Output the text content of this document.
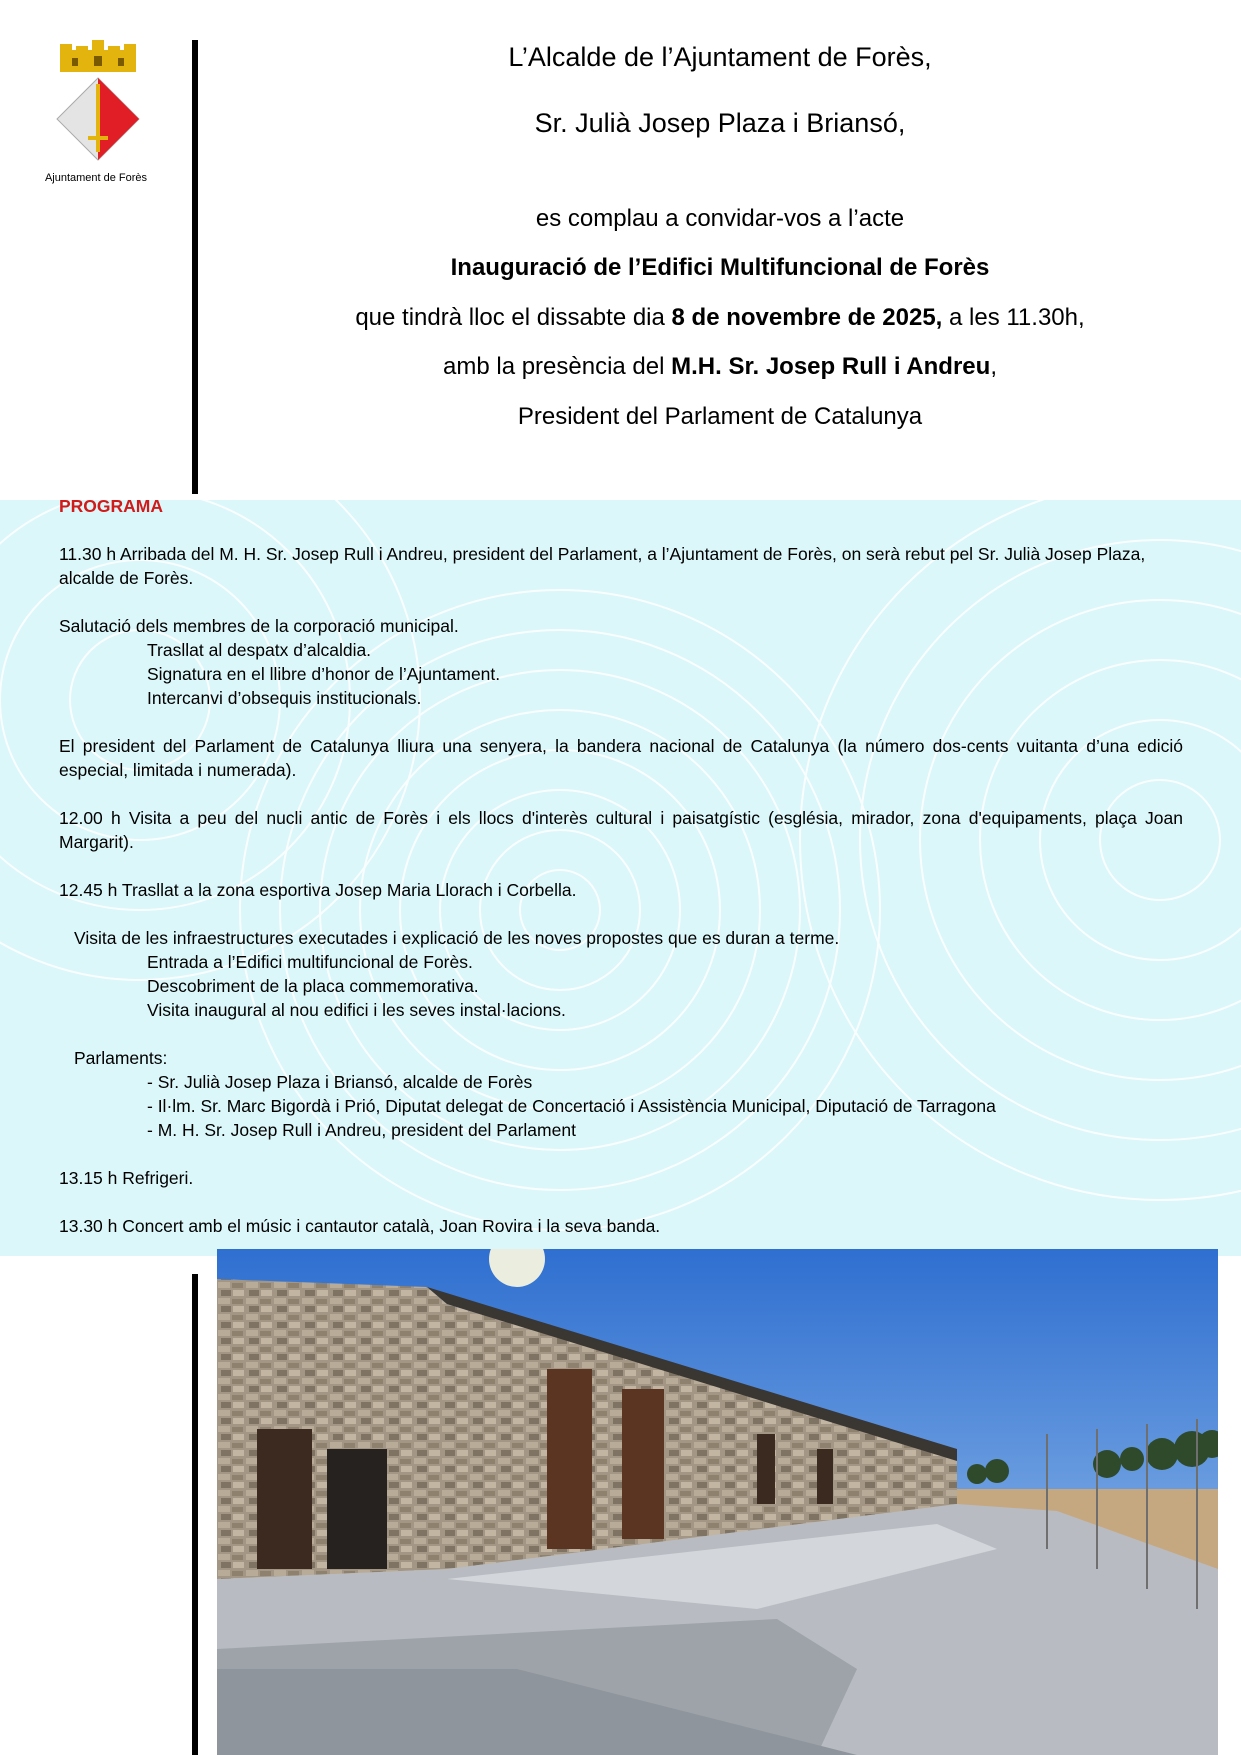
Ajuntament de Forès
L’Alcalde de l’Ajuntament de Forès,
Sr. Julià Josep Plaza i Briansó,
es complau a convidar-vos a l’acte
Inauguració de l’Edifici Multifuncional de Forès
que tindrà lloc el dissabte dia 8 de novembre de 2025, a les 11.30h,
amb la presència del M.H. Sr. Josep Rull i Andreu,
President del Parlament de Catalunya
PROGRAMA
11.30 h Arribada del M. H. Sr. Josep Rull i Andreu, president del Parlament, a l’Ajuntament de Forès, on serà rebut pel Sr. Julià Josep Plaza, alcalde de Forès.
Salutació dels membres de la corporació municipal.
Trasllat al despatx d’alcaldia.
Signatura en el llibre d’honor de l’Ajuntament.
Intercanvi d’obsequis institucionals.
El president del Parlament de Catalunya lliura una senyera, la bandera nacional de Catalunya (la número dos-cents vuitanta d’una edició especial, limitada i numerada).
12.00 h Visita a peu del nucli antic de Forès i els llocs d'interès cultural i paisatgístic (església, mirador, zona d'equipaments, plaça Joan Margarit).
12.45 h Trasllat a la zona esportiva Josep Maria Llorach i Corbella.
Visita de les infraestructures executades i explicació de les noves propostes que es duran a terme.
Entrada a l’Edifici multifuncional de Forès.
Descobriment de la placa commemorativa.
Visita inaugural al nou edifici i les seves instal·lacions.
Parlaments:
- Sr. Julià Josep Plaza i Briansó, alcalde de Forès
- Il·lm. Sr. Marc Bigordà i Prió, Diputat delegat de Concertació i Assistència Municipal, Diputació de Tarragona
- M. H. Sr. Josep Rull i Andreu, president del Parlament
13.15 h Refrigeri.
13.30 h Concert amb el músic i cantautor català, Joan Rovira i la seva banda.
